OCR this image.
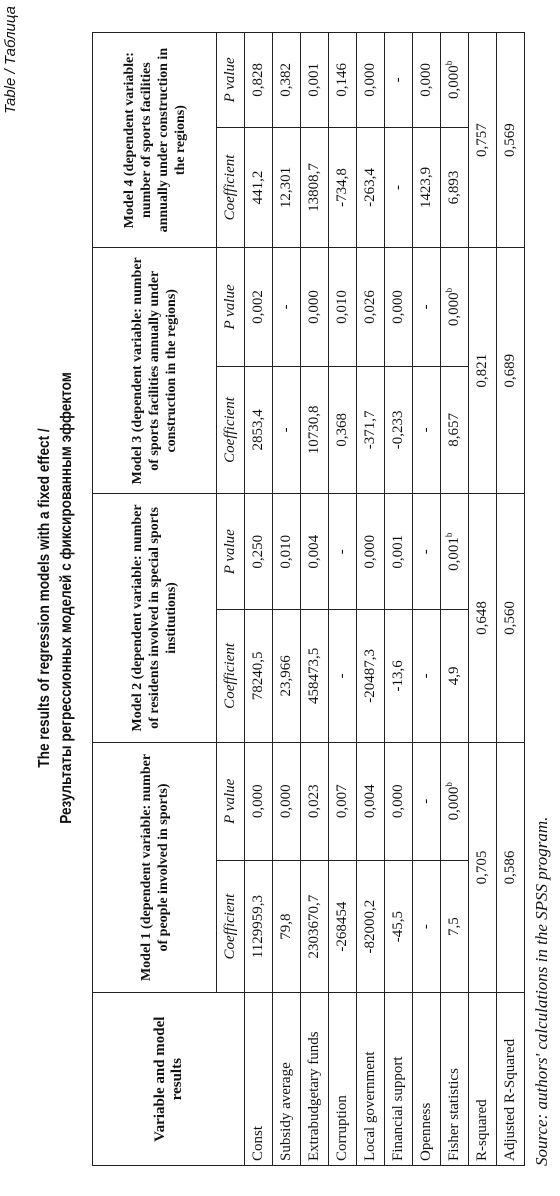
Table / Таблица
The results of regression models with a fixed effect / Результаты регрессионных моделей с фиксированным эффектом
Variable and model results	Model 1 (dependent variable: number of people involved in sports)		Model 2 (dependent variable: number of residents involved in special sports institutions)		Model 3 (dependent variable: number of sports facilities annually under construction in the regions)		Model 4 (dependent variable: number of sports facilities annually under construction in the regions)	
	Coefficient	P value	Coefficient	P value	Coefficient	P value	Coefficient	P value
Const	1129959,3	0,000	78240,5	0,250	2853,4	0,002	441,2	0,828
Subsidy average	79,8	0,000	23,966	0,010	-	-	12,301	0,382
Extrabudgetary funds	2303670,7	0,023	458473,5	0,004	10730,8	0,000	13808,7	0,001
Corruption	-268454	0,007	-	-	0,368	0,010	-734,8	0,146
Local government	-82000,2	0,004	-20487,3	0,000	-371,7	0,026	-263,4	0,000
Financial support	-45,5	0,000	-13,6	0,001	-0,233	0,000	-	-
Openness	-	-	-	-	-	-	1423,9	0,000
Fisher statistics	7,5	0,000$^b$	4,9	0,001$^b$	8,657	0,000$^b$	6,893	0,000$^b$
R-squared	0,705		0,648		0,821		0,757	
Adjusted R-Squared	0,586		0,560		0,689		0,569	
Source: authors' calculations in the SPSS program.
